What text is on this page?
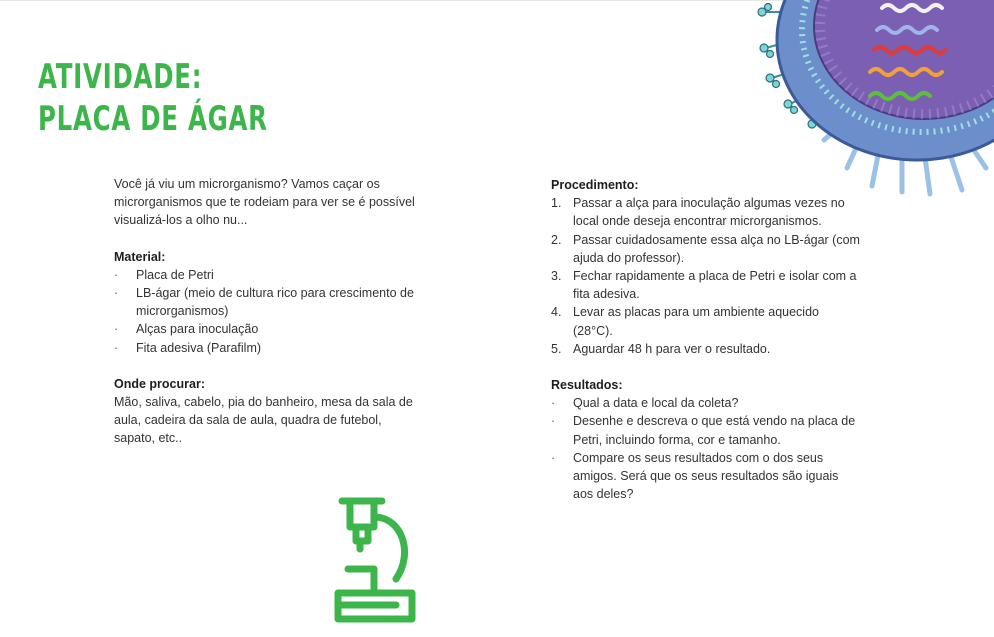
ATIVIDADE:
PLACA DE ÁGAR

Você já viu um microrganismo? Vamos caçar os microrganismos que te rodeiam para ver se é possível visualizá-los a olho nu...

Material:

· Placa de Petri
· LB-ágar (meio de cultura rico para crescimento de microrganismos)
· Alças para inoculação
· Fita adesiva (Parafilm)

Onde procurar:

Mão, saliva, cabelo, pia do banheiro, mesa da sala de aula, cadeira da sala de aula, quadra de futebol, sapato, etc..

Procedimento:

1. Passar a alça para inoculação algumas vezes no local onde deseja encontrar microrganismos.
2. Passar cuidadosamente essa alça no LB-ágar (com ajuda do professor).
3. Fechar rapidamente a placa de Petri e isolar com a fita adesiva.
4. Levar as placas para um ambiente aquecido (28°C).
5. Aguardar 48 h para ver o resultado.

Resultados:

· Qual a data e local da coleta?
· Desenhe e descreva o que está vendo na placa de Petri, incluindo forma, cor e tamanho.
· Compare os seus resultados com o dos seus amigos. Será que os seus resultados são iguais aos deles?
